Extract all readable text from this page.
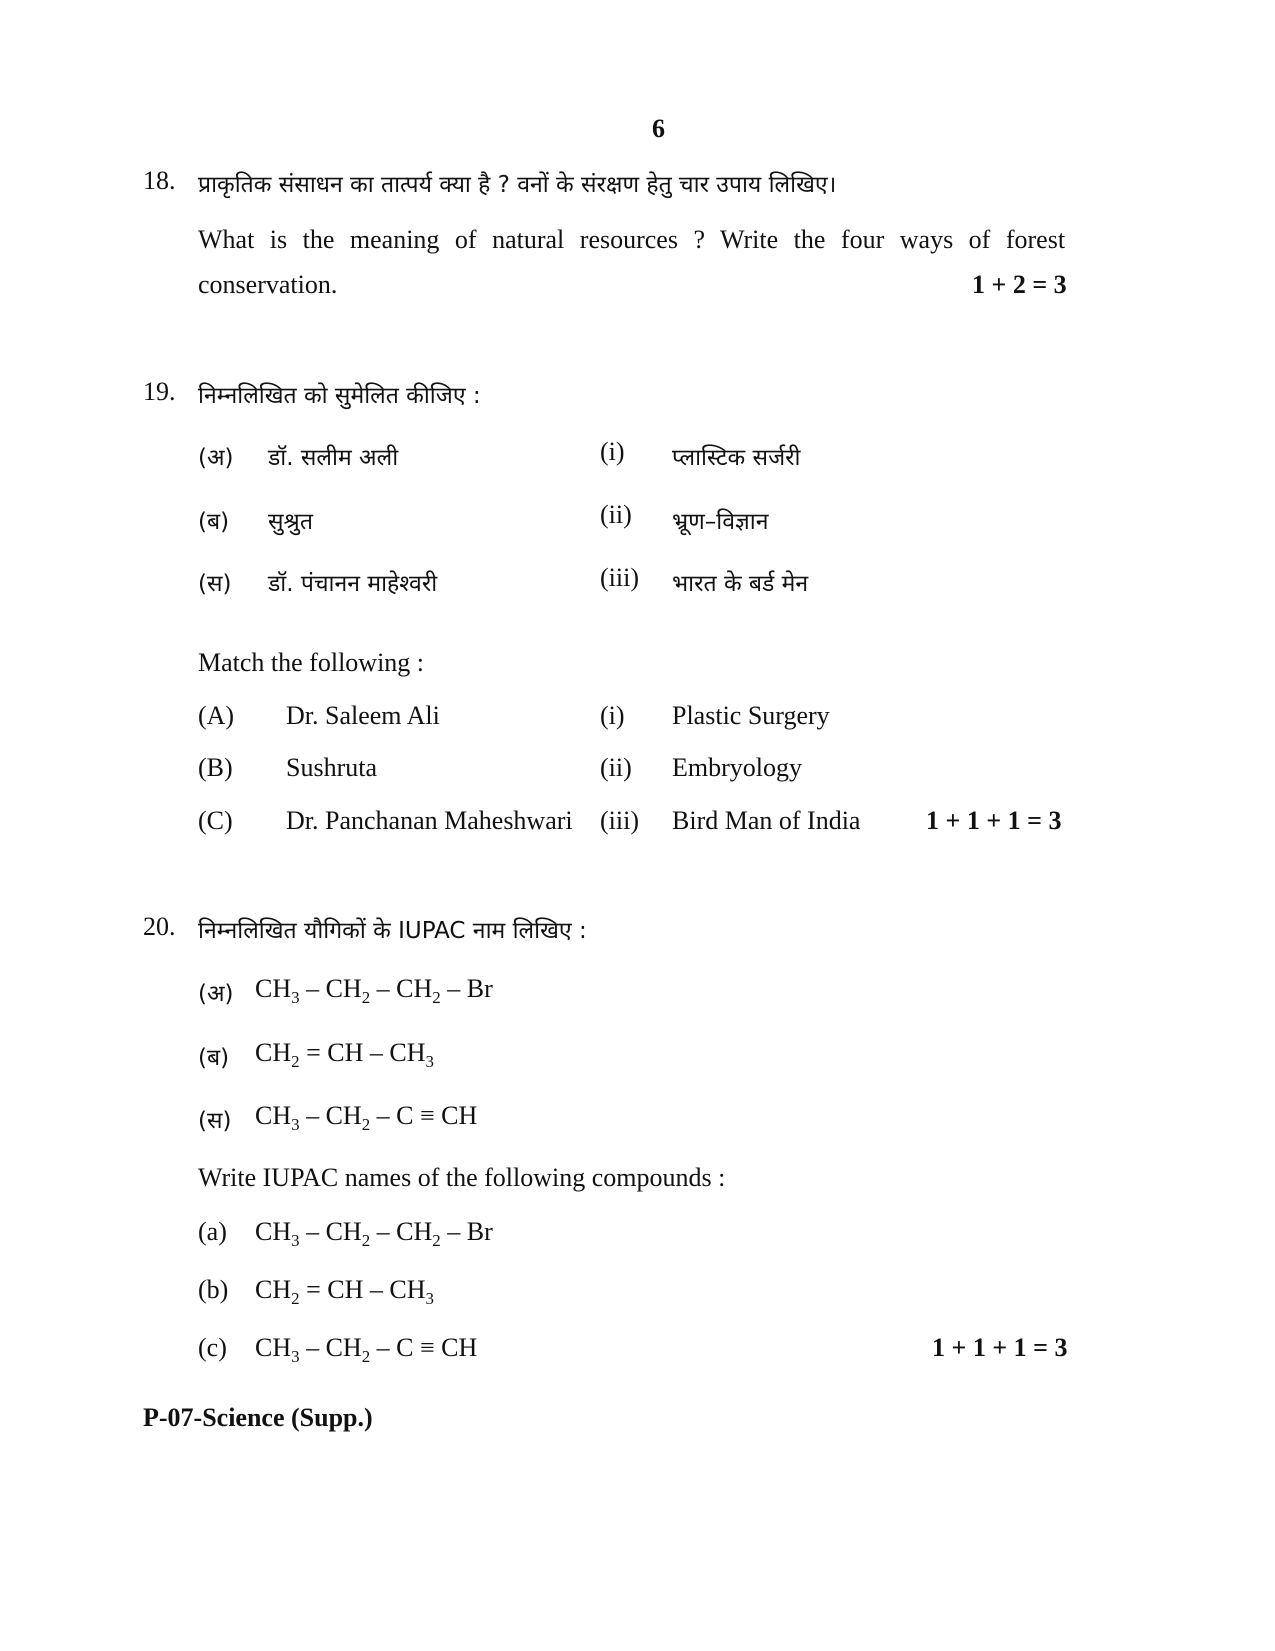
6
18. प्राकृतिक संसाधन का तात्पर्य क्या है ? वनों के संरक्षण हेतु चार उपाय लिखिए।
What is the meaning of natural resources ? Write the four ways of forest
conservation.	1 + 2 = 3
19. निम्नलिखित को सुमेलित कीजिए :
(अ) डॉ. सलीम अली	(i) प्लास्टिक सर्जरी
(ब) सुश्रुत	(ii) भ्रूण–विज्ञान
(स) डॉ. पंचानन माहेश्वरी	(iii) भारत के बर्ड मेन
Match the following :
(A) Dr. Saleem Ali	(i) Plastic Surgery
(B) Sushruta	(ii) Embryology
(C) Dr. Panchanan Maheshwari (iii) Bird Man of India	1 + 1 + 1 = 3
20. निम्नलिखित यौगिकों के IUPAC नाम लिखिए :
(अ) $CH_3 - CH_2 - CH_2$ – Br
(ब) $CH_2$ = CH – $CH_3$
(स) $CH_3 - CH_2$ – C ≡ CH
Write IUPAC names of the following compounds :
(a) $CH_3 - CH_2 - CH_2$ – Br
(b) $CH_2$ = CH – $CH_3$
(c) $CH_3 - CH_2$ – C ≡ CH	1 + 1 + 1 = 3
P-07-Science (Supp.)
